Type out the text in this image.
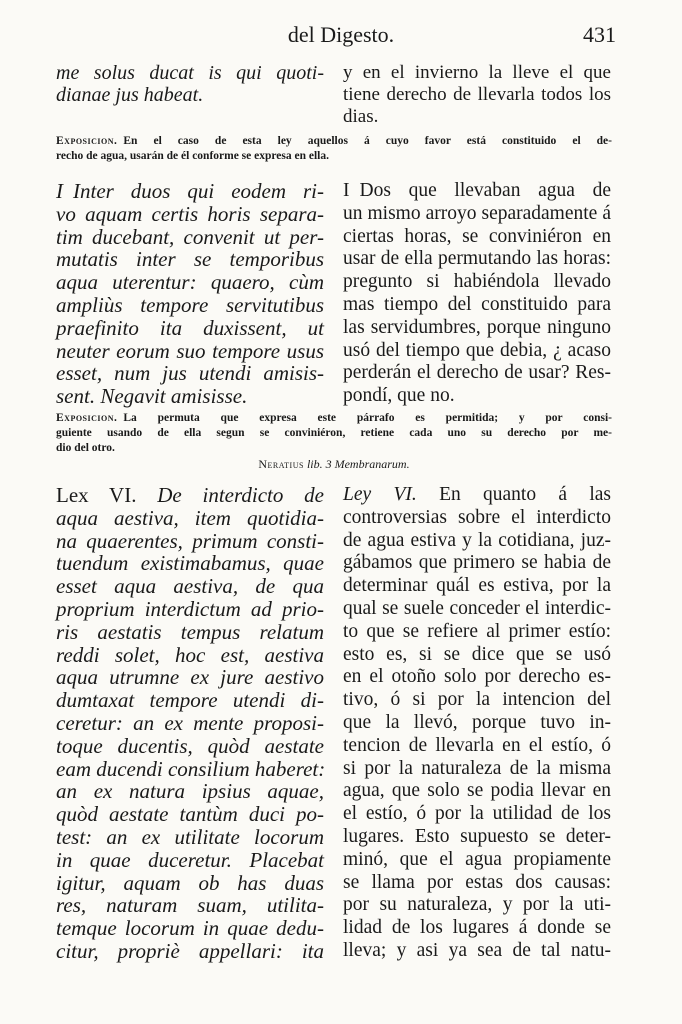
del Digesto.	431

me solus ducat is qui quoti-
dianae jus habeat.

y en el invierno la lleve el que
tiene derecho de llevarla todos los
dias.

Exposicion. En el caso de esta ley aquellos á cuyo favor está constituido el de-
recho de agua, usarán de él conforme se expresa en ella.

I Inter duos qui eodem ri-
vo aquam certis horis separa-
tim ducebant, convenit ut per-
mutatis inter se temporibus
aqua uterentur: quaero, cùm
ampliùs tempore servitutibus
praefinito ita duxissent, ut
neuter eorum suo tempore usus
esset, num jus utendi amisis-
sent. Negavit amisisse.

I Dos que llevaban agua de
un mismo arroyo separadamente á
ciertas horas, se conviniéron en
usar de ella permutando las horas:
pregunto si habiéndola llevado
mas tiempo del constituido para
las servidumbres, porque ninguno
usó del tiempo que debia, ¿ acaso
perderán el derecho de usar? Res-
pondí, que no.

Exposicion. La permuta que expresa este párrafo es permitida; y por consi-
guiente usando de ella segun se conviniéron, retiene cada uno su derecho por me-
dio del otro.

Neratius lib. 3 Membranarum.

Lex VI. De interdicto de
aqua aestiva, item quotidia-
na quaerentes, primum consti-
tuendum existimabamus, quae
esset aqua aestiva, de qua
proprium interdictum ad prio-
ris aestatis tempus relatum
reddi solet, hoc est, aestiva
aqua utrumne ex jure aestivo
dumtaxat tempore utendi di-
ceretur: an ex mente proposi-
toque ducentis, quòd aestate
eam ducendi consilium haberet:
an ex natura ipsius aquae,
quòd aestate tantùm duci po-
test: an ex utilitate locorum
in quae duceretur. Placebat
igitur, aquam ob has duas
res, naturam suam, utilita-
temque locorum in quae dedu-
citur, propriè appellari: ita

Ley VI. En quanto á las
controversias sobre el interdicto
de agua estiva y la cotidiana, juz-
gábamos que primero se habia de
determinar quál es estiva, por la
qual se suele conceder el interdic-
to que se refiere al primer estío:
esto es, si se dice que se usó
en el otoño solo por derecho es-
tivo, ó si por la intencion del
que la llevó, porque tuvo in-
tencion de llevarla en el estío, ó
si por la naturaleza de la misma
agua, que solo se podia llevar en
el estío, ó por la utilidad de los
lugares. Esto supuesto se deter-
minó, que el agua propiamente
se llama por estas dos causas:
por su naturaleza, y por la uti-
lidad de los lugares á donde se
lleva; y asi ya sea de tal natu-
